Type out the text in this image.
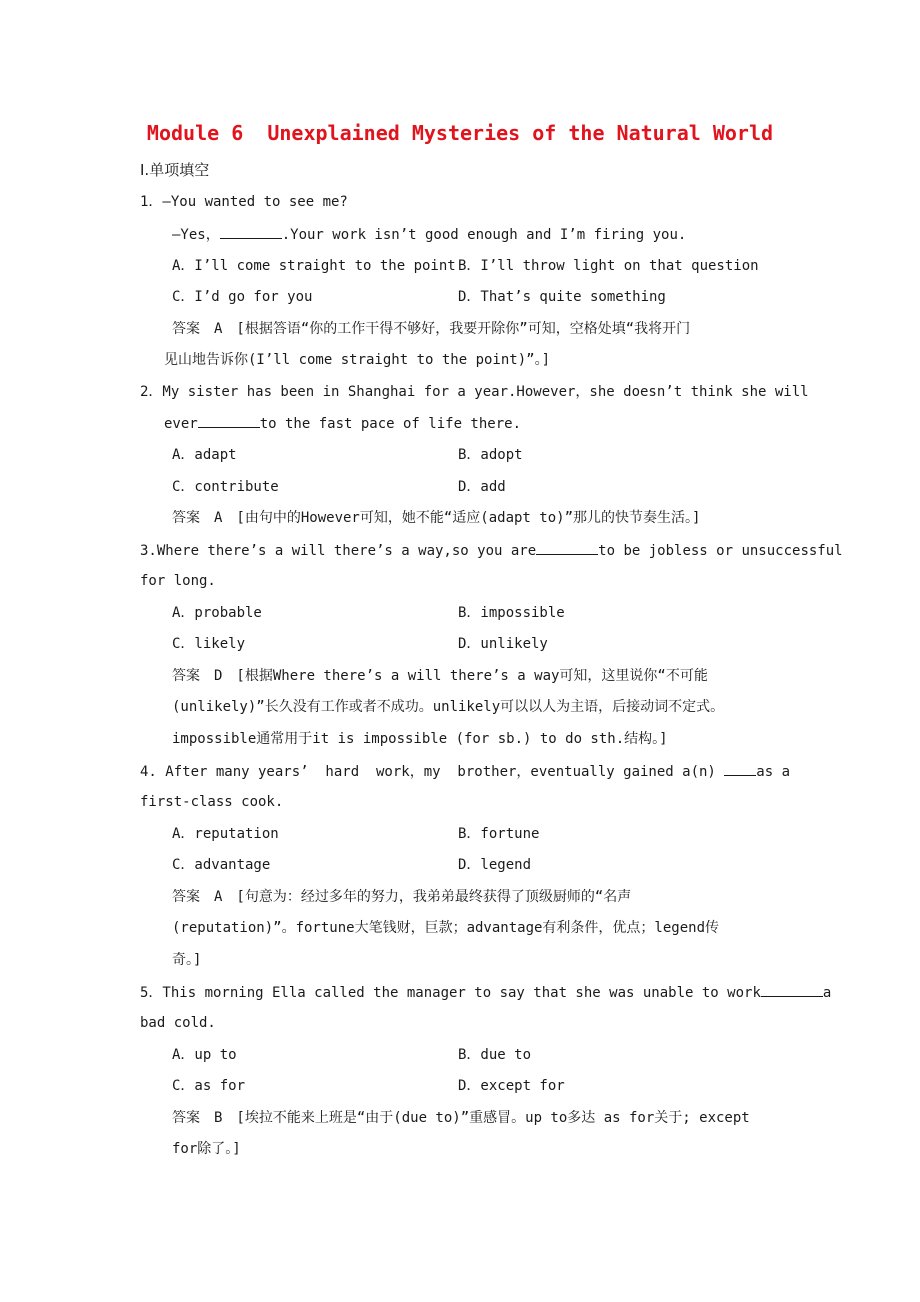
Module 6  Unexplained Mysteries of the Natural World
Ⅰ.单项填空
1．—You wanted to see me?
—Yes，	.Your work isn’t good enough and I’m firing you.
A．I’ll come straight to the point B．I’ll throw light on that question
C．I’d go for you	D．That’s quite something
答案　A　[根据答语“你的工作干得不够好，我要开除你”可知，空格处填“我将开门
见山地告诉你(I’ll come straight to the point)”。]
2．My sister has been in Shanghai for a year.However，she doesn’t think she will
ever	to the fast pace of life there.
A．adapt	B．adopt
C．contribute	D．add
答案　A　[由句中的However可知，她不能“适应(adapt to)”那儿的快节奏生活。]
3.Where there’s a will there’s a way,so you are	to be jobless or unsuccessful
for long.
A．probable	B．impossible
C．likely	D．unlikely
答案　D　[根据Where there’s a will there’s a way可知，这里说你“不可能
(unlikely)”长久没有工作或者不成功。unlikely可以以人为主语，后接动词不定式。
impossible通常用于it is impossible (for sb.) to do sth.结构。]
4. After many years’  hard  work，my  brother，eventually gained a(n) as a
first-class cook.
A．reputation	B．fortune
C．advantage	D．legend
答案　A　[句意为：经过多年的努力，我弟弟最终获得了顶级厨师的“名声
(reputation)”。fortune大笔钱财，巨款；advantage有利条件，优点；legend传
奇。]
5．This morning Ella called the manager to say that she was unable to work	a
bad cold.
A．up to	B．due to
C．as for	D．except for
答案　B　[埃拉不能来上班是“由于(due to)”重感冒。up to多达 as for关于; except
for除了。]
